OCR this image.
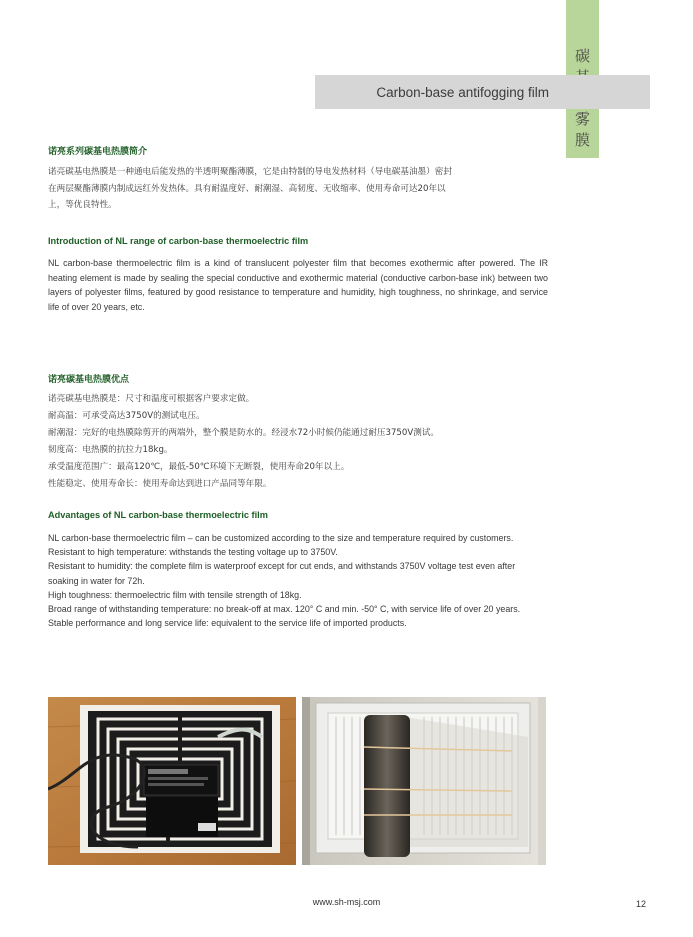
碳
雾
膜
Carbon-base antifogging film
诺亮系列碳基电热膜简介
诺亮碳基电热膜是一种通电后能发热的半透明聚酯薄膜，它是由特制的导电发热材料（导电碳基油墨）密封
在两层聚酯薄膜内制成远红外发热体。具有耐温度好、耐潮湿、高韧度、无收缩率、使用寿命可达20年以
上，等优良特性。
Introduction of NL range of carbon-base thermoelectric film
NL carbon-base thermoelectric film is a kind of translucent polyester film that becomes exothermic after powered. The IR heating element is made by sealing the special conductive and exothermic material (conductive carbon-base ink) between two layers of polyester films, featured by good resistance to temperature and humidity, high toughness, no shrinkage, and service life of over 20 years, etc.
诺亮碳基电热膜优点
诺亮碳基电热膜是：尺寸和温度可根据客户要求定做。
耐高温：可承受高达3750V的测试电压。
耐潮湿：完好的电热膜除剪开的两端外，整个膜是防水的。经浸水72小时候仍能通过耐压3750V测试。
韧度高：电热膜的抗拉力18kg。
承受温度范围广：最高120℃，最低-50℃环境下无断裂，使用寿命20年以上。
性能稳定、使用寿命长：使用寿命达到进口产品同等年限。
Advantages of NL carbon-base thermoelectric film
NL carbon-base thermoelectric film – can be customized according to the size and temperature required by customers.
Resistant to high temperature: withstands the testing voltage up to 3750V.
Resistant to humidity: the complete film is waterproof except for cut ends, and withstands 3750V voltage test even after soaking in water for 72h.
High toughness: thermoelectric film with tensile strength of 18kg.
Broad range of withstanding temperature: no break-off at max. 120° C and min. -50° C, with service life of over 20 years.
Stable performance and long service life: equivalent to the service life of imported products.
www.sh-msj.com	12
